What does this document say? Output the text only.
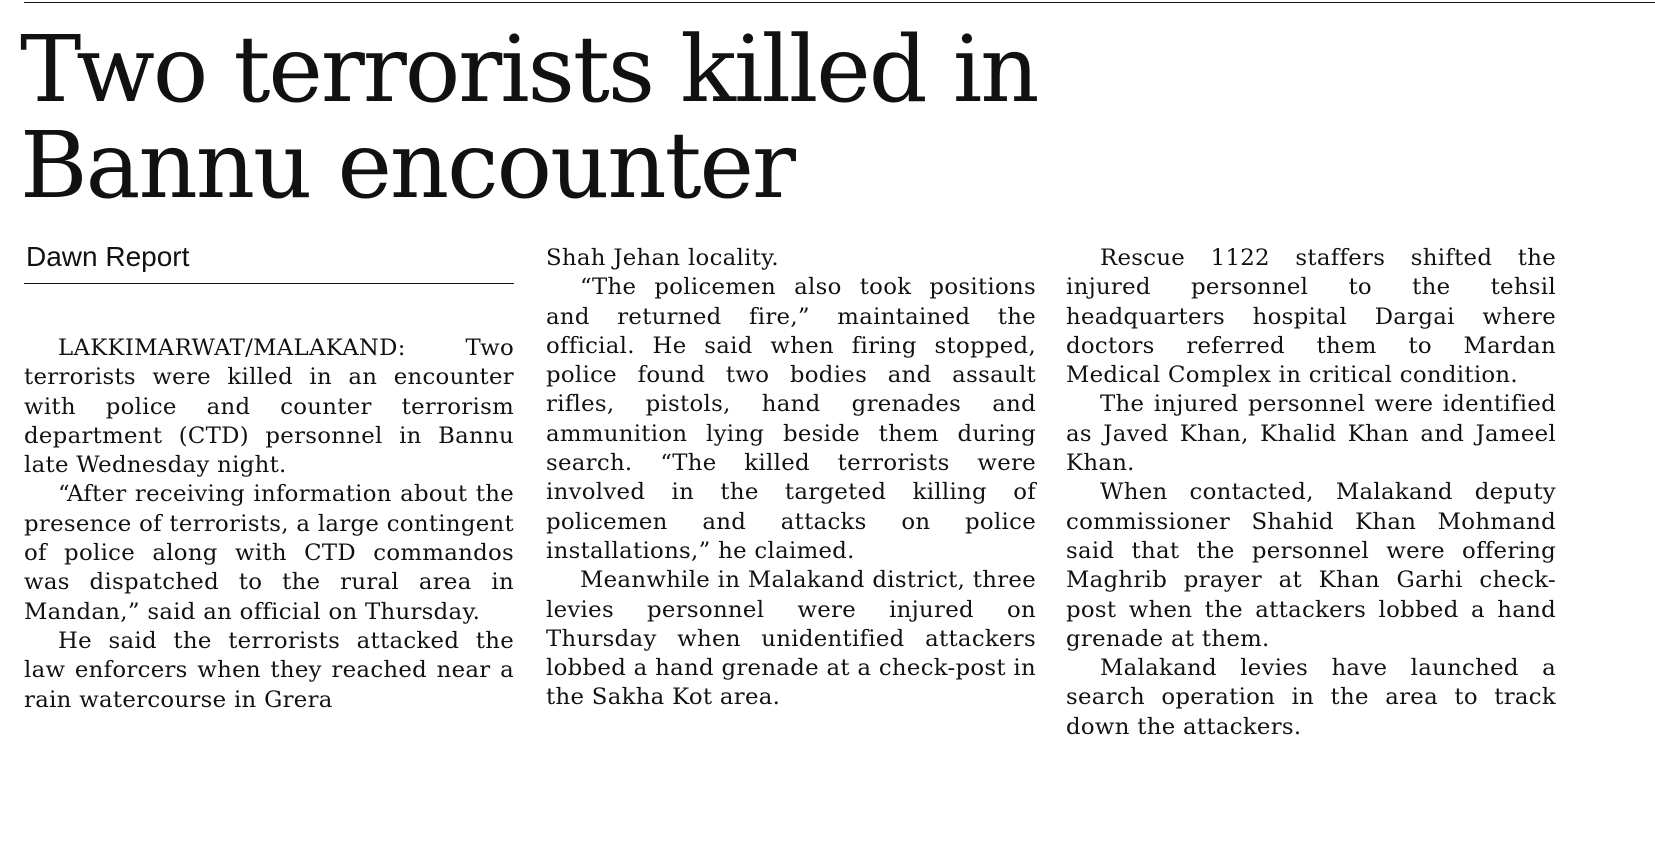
Two terrorists killed in Bannu encounter
Dawn Report

LAKKIMARWAT/MALAKAND: Two terrorists were killed in an encounter with police and counter terrorism department (CTD) personnel in Bannu late Wednesday night.

“After receiving information about the presence of terrorists, a large contingent of police along with CTD commandos was dispatched to the rural area in Mandan,” said an official on Thursday.

He said the terrorists attacked the law enforcers when they reached near a rain watercourse in Grera

Shah Jehan locality.

“The policemen also took positions and returned fire,” maintained the official. He said when firing stopped, police found two bodies and assault rifles, pistols, hand grenades and ammunition lying beside them during search. “The killed terrorists were involved in the targeted killing of policemen and attacks on police installations,” he claimed.

Meanwhile in Malakand district, three levies personnel were injured on Thursday when unidentified attackers lobbed a hand grenade at a check-post in the Sakha Kot area.

Rescue 1122 staffers shifted the injured personnel to the tehsil headquarters hospital Dargai where doctors referred them to Mardan Medical Complex in critical condition.

The injured personnel were identified as Javed Khan, Khalid Khan and Jameel Khan.

When contacted, Malakand deputy commissioner Shahid Khan Mohmand said that the personnel were offering Maghrib prayer at Khan Garhi check-post when the attackers lobbed a hand grenade at them.

Malakand levies have launched a search operation in the area to track down the attackers.
